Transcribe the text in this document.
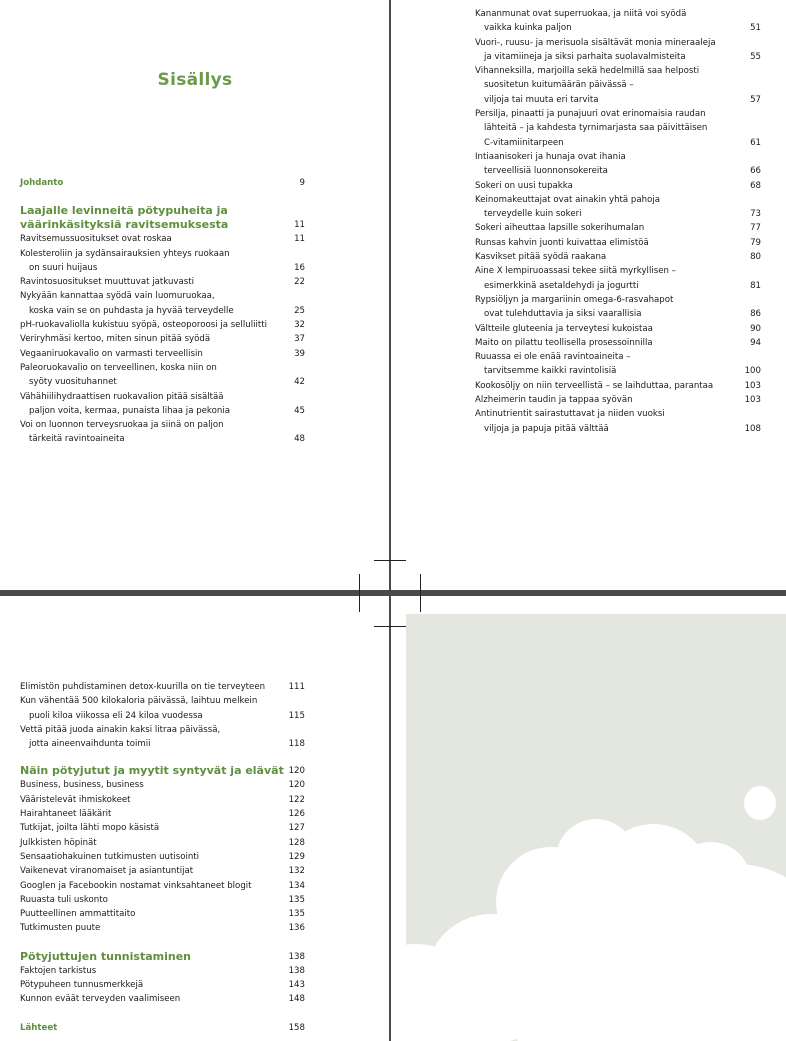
Sisällys
Johdanto	9
Laajalle levinneitä pötypuheita ja
väärinkäsityksiä ravitsemuksesta	11
Ravitsemussuositukset ovat roskaa	11
Kolesteroliin ja sydänsairauksien yhteys ruokaan
on suuri huijaus	16
Ravintosuositukset muuttuvat jatkuvasti	22
Nykyään kannattaa syödä vain luomuruokaa,
koska vain se on puhdasta ja hyvää terveydelle	25
pH-ruokavaliolla kukistuu syöpä, osteoporoosi ja selluliitti	32
Veriryhmäsi kertoo, miten sinun pitää syödä	37
Vegaaniruokavalio on varmasti terveellisin	39
Paleoruokavalio on terveellinen, koska niin on
syöty vuosituhannet	42
Vähähiilihydraattisen ruokavalion pitää sisältää
paljon voita, kermaa, punaista lihaa ja pekonia	45
Voi on luonnon terveysruokaa ja siinä on paljon
tärkeitä ravintoaineita	48
Kananmunat ovat superruokaa, ja niitä voi syödä
vaikka kuinka paljon	51
Vuori-, ruusu- ja merisuola sisältävät monia mineraaleja
ja vitamiineja ja siksi parhaita suolavalmisteita	55
Vihanneksilla, marjoilla sekä hedelmillä saa helposti
suositetun kuitumäärän päivässä –
viljoja tai muuta eri tarvita	57
Persilja, pinaatti ja punajuuri ovat erinomaisia raudan
lähteitä – ja kahdesta tyrnimarjasta saa päivittäisen
C-vitamiinitarpeen	61
Intiaanisokeri ja hunaja ovat ihania
terveellisiä luonnonsokereita	66
Sokeri on uusi tupakka	68
Keinomakeuttajat ovat ainakin yhtä pahoja
terveydelle kuin sokeri	73
Sokeri aiheuttaa lapsille sokerihumalan	77
Runsas kahvin juonti kuivattaa elimistöä	79
Kasvikset pitää syödä raakana	80
Aine X lempiruoassasi tekee siitä myrkyllisen –
esimerkkinä asetaldehydi ja jogurtti	81
Rypsiöljyn ja margariinin omega-6-rasvahapot
ovat tulehduttavia ja siksi vaarallisia	86
Vältteile gluteenia ja terveytesi kukoistaa	90
Maito on pilattu teollisella prosessoinnilla	94
Ruuassa ei ole enää ravintoaineita –
tarvitsemme kaikki ravintolisiä	100
Kookosöljy on niin terveellistä – se laihduttaa, parantaa	103
Alzheimerin taudin ja tappaa syövän	103
Antinutrientit sairastuttavat ja niiden vuoksi
viljoja ja papuja pitää välttää	108
Elimistön puhdistaminen detox-kuurilla on tie terveyteen	111
Kun vähentää 500 kilokaloria päivässä, laihtuu melkein
puoli kiloa viikossa eli 24 kiloa vuodessa	115
Vettä pitää juoda ainakin kaksi litraa päivässä,
jotta aineenvaihdunta toimii	118
Näin pötyjutut ja myytit syntyvät ja elävät 120
Business, business, business	120
Vääristelevät ihmiskokeet	122
Hairahtaneet lääkärit	126
Tutkijat, joilta lähti mopo käsistä	127
Julkkisten höpinät	128
Sensaatiohakuinen tutkimusten uutisointi	129
Vaikenevat viranomaiset ja asiantuntijat	132
Googlen ja Facebookin nostamat vinksahtaneet blogit	134
Ruuasta tuli uskonto	135
Puutteellinen ammattitaito	135
Tutkimusten puute	136
Pötyjuttujen tunnistaminen	138
Faktojen tarkistus	138
Pötypuheen tunnusmerkkejä	143
Kunnon eväät terveyden vaalimiseen	148
Lähteet	158
